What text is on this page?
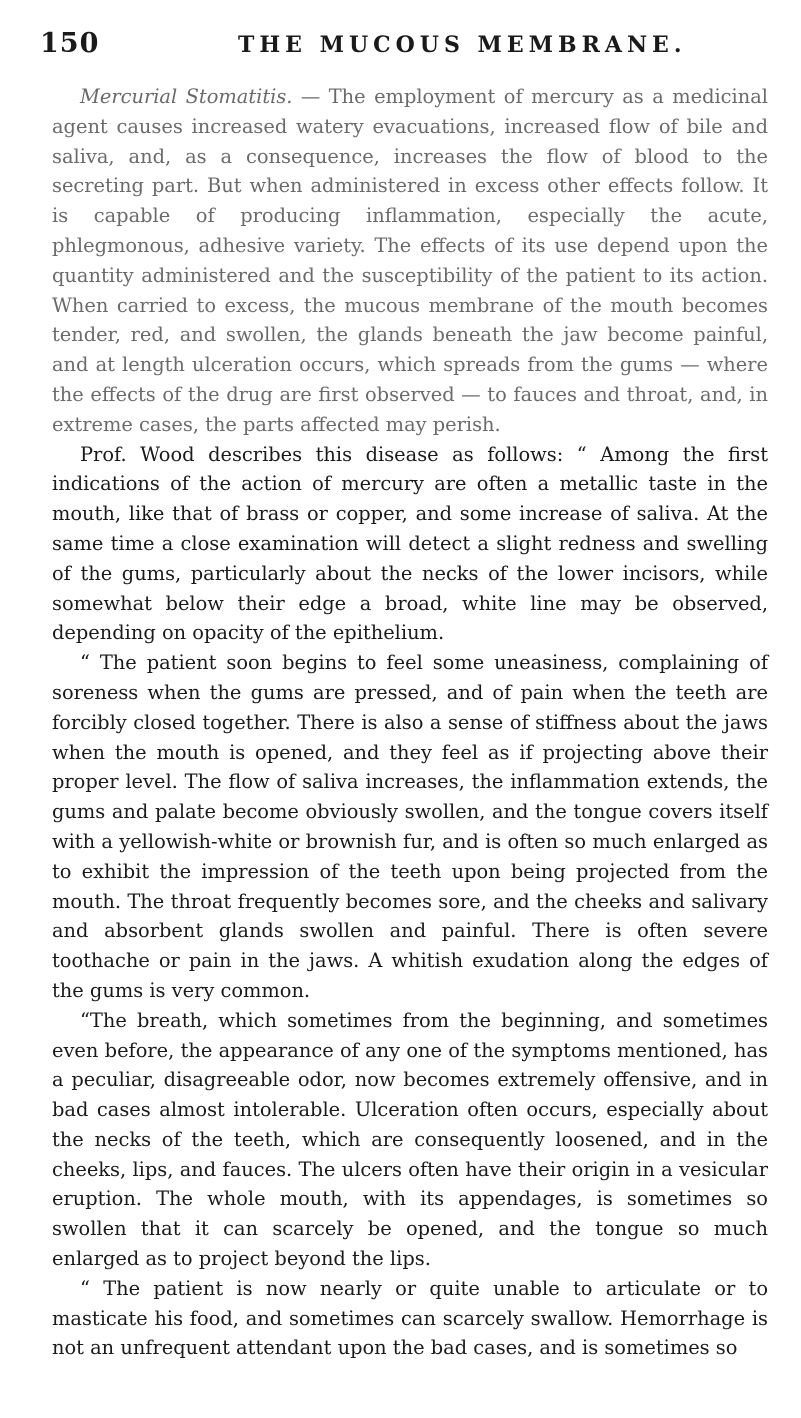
150	THE MUCOUS MEMBRANE.

Mercurial Stomatitis. — The employment of mercury as a medicinal agent causes increased watery evacuations, increased flow of bile and saliva, and, as a consequence, increases the flow of blood to the secreting part. But when administered in excess other effects follow. It is capable of producing inflammation, especially the acute, phlegmonous, adhesive variety. The effects of its use depend upon the quantity administered and the susceptibility of the patient to its action. When carried to excess, the mucous membrane of the mouth becomes tender, red, and swollen, the glands beneath the jaw become painful, and at length ulceration occurs, which spreads from the gums — where the effects of the drug are first observed — to fauces and throat, and, in extreme cases, the parts affected may perish.

Prof. Wood describes this disease as follows: “ Among the first indications of the action of mercury are often a metallic taste in the mouth, like that of brass or copper, and some increase of saliva. At the same time a close examination will detect a slight redness and swelling of the gums, particularly about the necks of the lower incisors, while somewhat below their edge a broad, white line may be observed, depending on opacity of the epithelium.

“ The patient soon begins to feel some uneasiness, complaining of soreness when the gums are pressed, and of pain when the teeth are forcibly closed together. There is also a sense of stiffness about the jaws when the mouth is opened, and they feel as if projecting above their proper level. The flow of saliva increases, the inflammation extends, the gums and palate become obviously swollen, and the tongue covers itself with a yellowish-white or brownish fur, and is often so much enlarged as to exhibit the impression of the teeth upon being projected from the mouth. The throat frequently becomes sore, and the cheeks and salivary and absorbent glands swollen and painful. There is often severe toothache or pain in the jaws. A whitish exudation along the edges of the gums is very common.

“The breath, which sometimes from the beginning, and sometimes even before, the appearance of any one of the symptoms mentioned, has a peculiar, disagreeable odor, now becomes extremely offensive, and in bad cases almost intolerable. Ulceration often occurs, especially about the necks of the teeth, which are consequently loosened, and in the cheeks, lips, and fauces. The ulcers often have their origin in a vesicular eruption. The whole mouth, with its appendages, is sometimes so swollen that it can scarcely be opened, and the tongue so much enlarged as to project beyond the lips.

“ The patient is now nearly or quite unable to articulate or to masticate his food, and sometimes can scarcely swallow. Hemorrhage is not an unfrequent attendant upon the bad cases, and is sometimes so
